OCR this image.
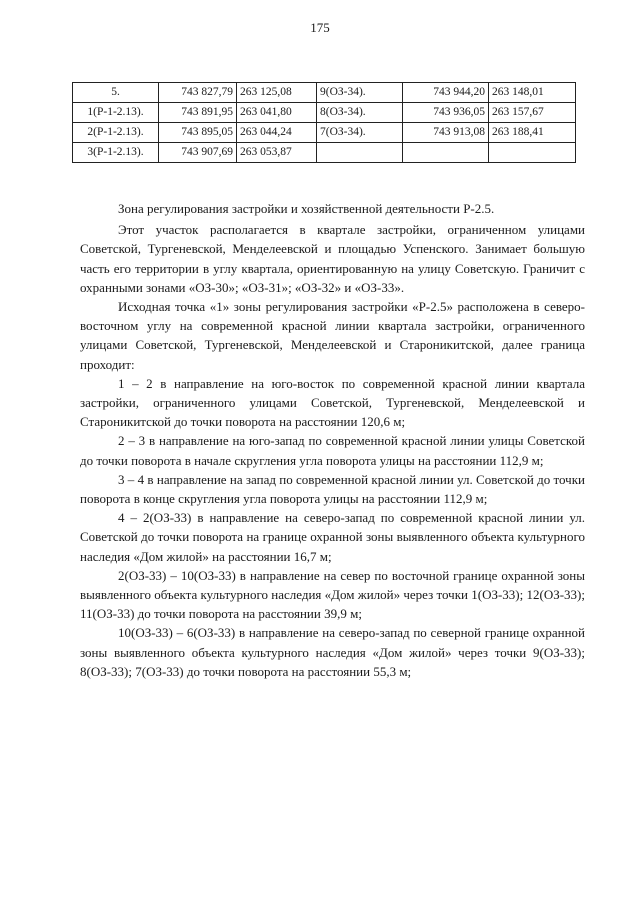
175
5.	743 827,79	263 125,08	9(ОЗ-34).	743 944,20	263 148,01
1(Р-1-2.13).	743 891,95	263 041,80	8(ОЗ-34).	743 936,05	263 157,67
2(Р-1-2.13).	743 895,05	263 044,24	7(ОЗ-34).	743 913,08	263 188,41
3(Р-1-2.13).	743 907,69	263 053,87			

Зона регулирования застройки и хозяйственной деятельности Р-2.5.

Этот участок располагается в квартале застройки, ограниченном улицами Советской, Тургеневской, Менделеевской и площадью Успенского. Занимает большую часть его территории в углу квартала, ориентированную на улицу Советскую. Граничит с охранными зонами «ОЗ-30»; «ОЗ-31»; «ОЗ-32» и «ОЗ-33».

Исходная точка «1» зоны регулирования застройки «Р-2.5» расположена в северо-восточном углу на современной красной линии квартала застройки, ограниченного улицами Советской, Тургеневской, Менделеевской и Староникитской, далее граница проходит:

1 – 2 в направление на юго-восток по современной красной линии квартала застройки, ограниченного улицами Советской, Тургеневской, Менделеевской и Староникитской до точки поворота на расстоянии 120,6 м;

2 – 3 в направление на юго-запад по современной красной линии улицы Советской до точки поворота в начале скругления угла поворота улицы на расстоянии 112,9 м;

3 – 4 в направление на запад по современной красной линии ул. Советской до точки поворота в конце скругления угла поворота улицы на расстоянии 112,9 м;

4 – 2(ОЗ-33) в направление на северо-запад по современной красной линии ул. Советской до точки поворота на границе охранной зоны выявленного объекта культурного наследия «Дом жилой» на расстоянии 16,7 м;

2(ОЗ-33) – 10(ОЗ-33) в направление на север по восточной границе охранной зоны выявленного объекта культурного наследия «Дом жилой» через точки 1(ОЗ-33); 12(ОЗ-33); 11(ОЗ-33) до точки поворота на расстоянии 39,9 м;

10(ОЗ-33) – 6(ОЗ-33) в направление на северо-запад по северной границе охранной зоны выявленного объекта культурного наследия «Дом жилой» через точки 9(ОЗ-33); 8(ОЗ-33); 7(ОЗ-33) до точки поворота на расстоянии 55,3 м;
